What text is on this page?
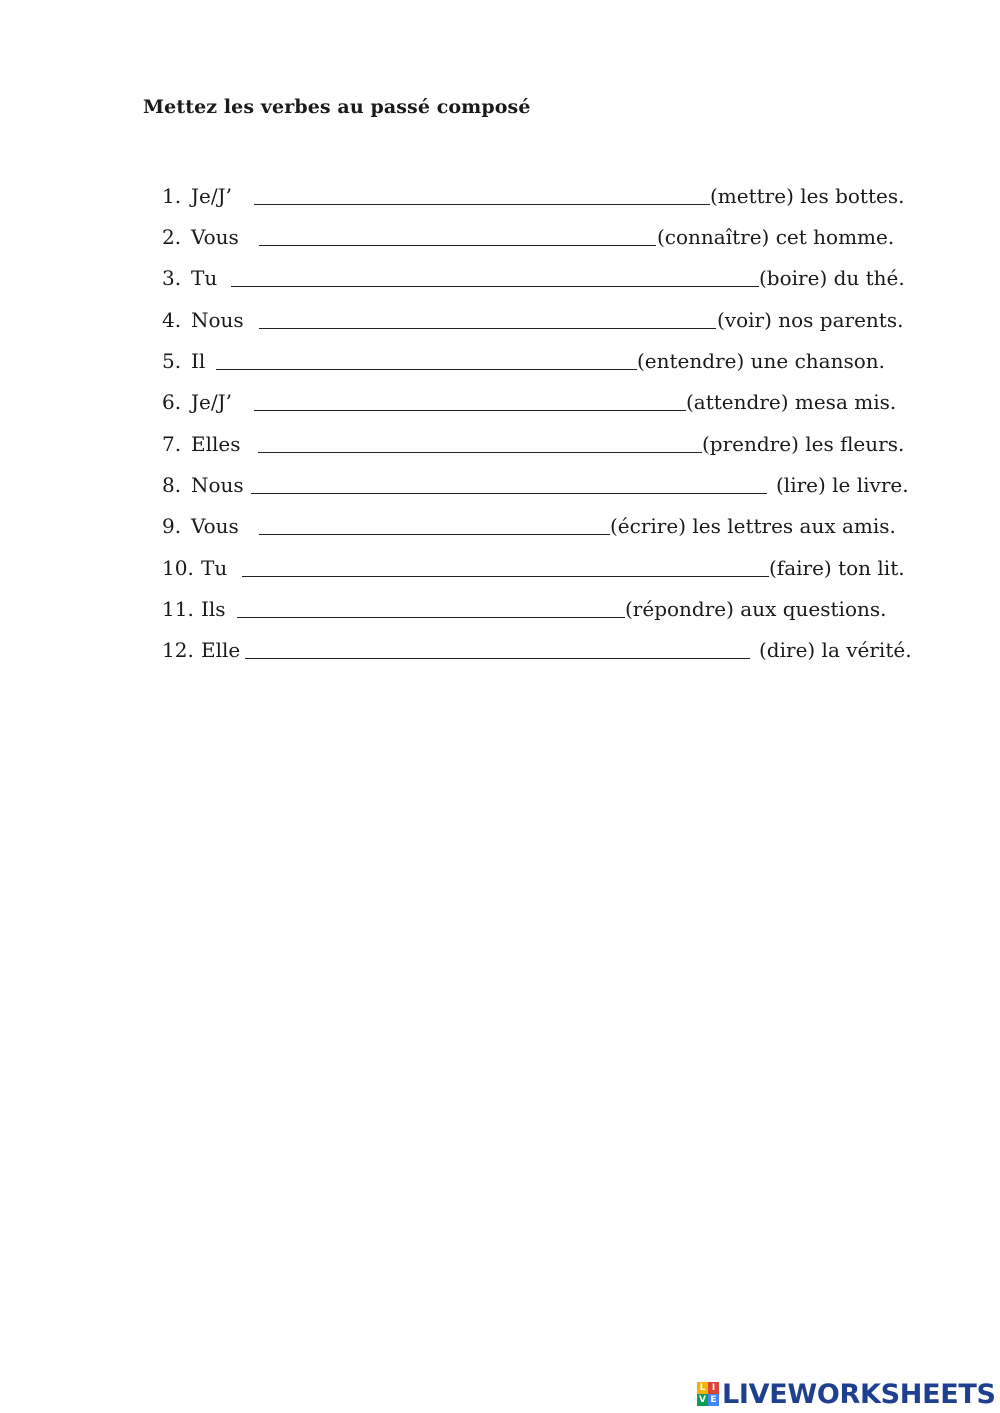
Mettez les verbes au passé composé
1. Je/J’	(mettre) les bottes.
2. Vous	(connaître) cet homme.
3. Tu	(boire) du thé.
4. Nous	(voir) nos parents.
5. Il	(entendre) une chanson.
6. Je/J’	(attendre) mesa mis.
7. Elles	(prendre) les fleurs.
8. Nous	(lire) le livre.
9. Vous	(écrire) les lettres aux amis.
10. Tu	(faire) ton lit.
11. Ils	(répondre) aux questions.
12. Elle	(dire) la vérité.
L I
V E LIVEWORKSHEETS
